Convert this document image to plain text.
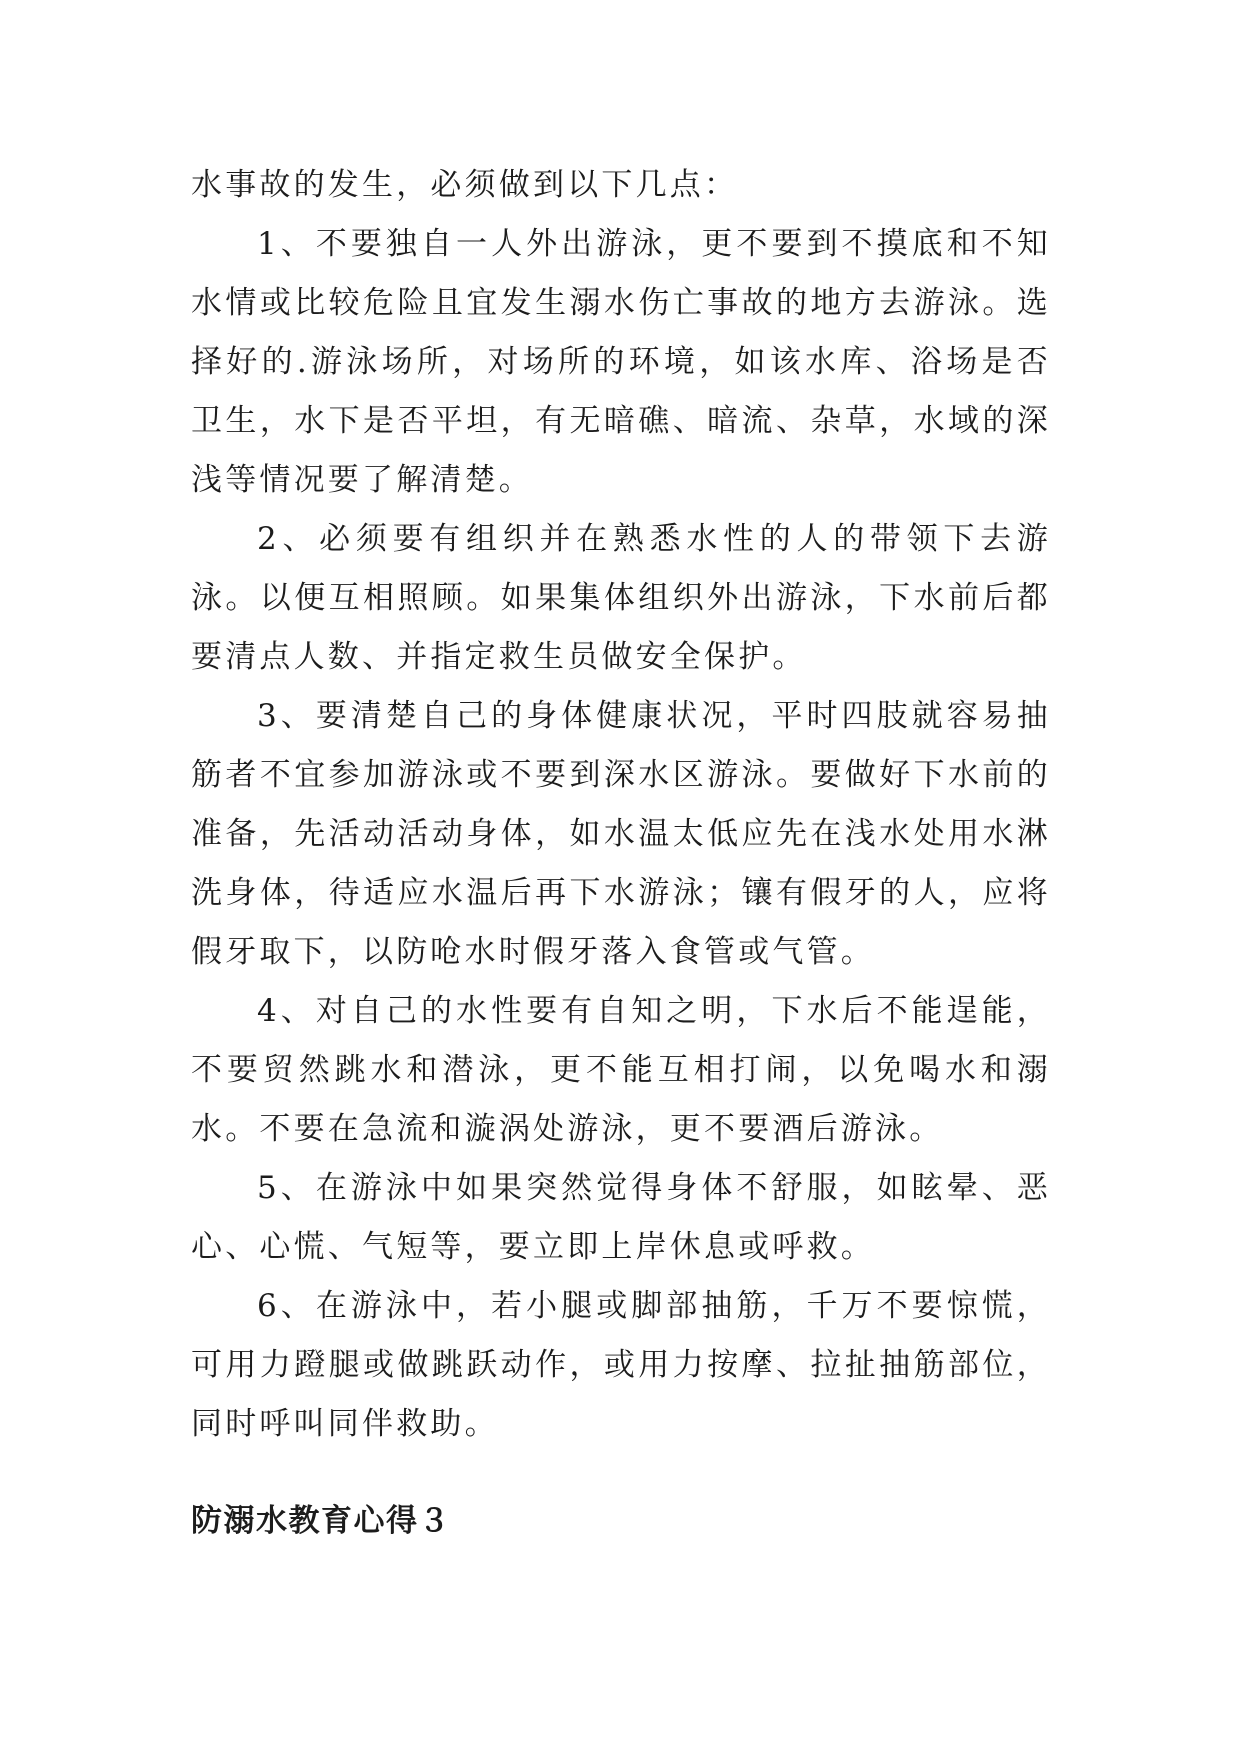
水事故的发生，必须做到以下几点：

1、不要独自一人外出游泳，更不要到不摸底和不知水情或比较危险且宜发生溺水伤亡事故的地方去游泳。选择好的.游泳场所，对场所的环境，如该水库、浴场是否卫生，水下是否平坦，有无暗礁、暗流、杂草，水域的深浅等情况要了解清楚。

2、必须要有组织并在熟悉水性的人的带领下去游泳。以便互相照顾。如果集体组织外出游泳，下水前后都要清点人数、并指定救生员做安全保护。

3、要清楚自己的身体健康状况，平时四肢就容易抽筋者不宜参加游泳或不要到深水区游泳。要做好下水前的准备，先活动活动身体，如水温太低应先在浅水处用水淋洗身体，待适应水温后再下水游泳；镶有假牙的人，应将假牙取下，以防呛水时假牙落入食管或气管。

4、对自己的水性要有自知之明，下水后不能逞能，不要贸然跳水和潜泳，更不能互相打闹，以免喝水和溺水。不要在急流和漩涡处游泳，更不要酒后游泳。

5、在游泳中如果突然觉得身体不舒服，如眩晕、恶心、心慌、气短等，要立即上岸休息或呼救。

6、在游泳中，若小腿或脚部抽筋，千万不要惊慌，可用力蹬腿或做跳跃动作，或用力按摩、拉扯抽筋部位，同时呼叫同伴救助。

防溺水教育心得３
